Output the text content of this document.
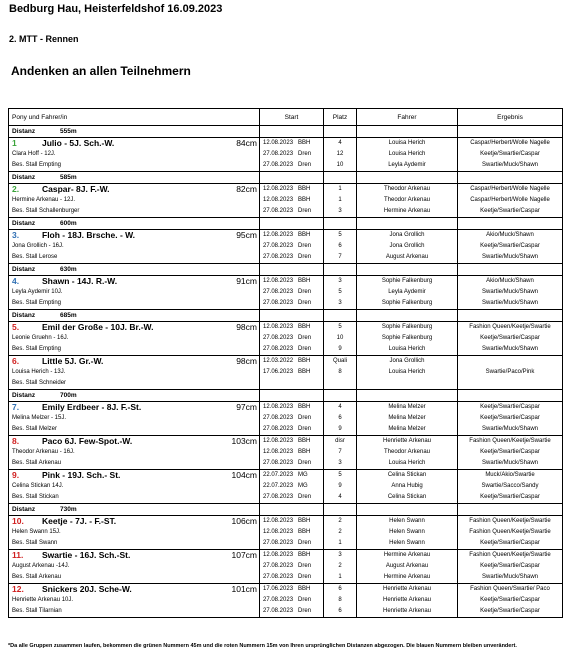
Bedburg Hau, Heisterfeldshof 16.09.2023
2. MTT - Rennen
Andenken an allen Teilnehmern
Pony und Fahrer/in	Start	Platz	Fahrer	Ergebnis
Distanz 555m				
1 Julio - 5J. Sch.-W. 84cm	12.08.2023 BBH	4	Louisa Herich	Caspar/Herbert/Wolle Nagelle
Clara Hoff - 12J.	27.08.2023 Dren	12	Louisa Herich	Keetje/Swartie/Caspar
Bes. Stall Empting	27.08.2023 Dren	10	Leyla Aydemir	Swartie/Muck/Shawn
Distanz 585m				
2. Caspar- 8J. F.-W. 82cm	12.08.2023 BBH	1	Theodor Arkenau	Caspar/Herbert/Wolle Nagelle
Hermine Arkenau - 12J.	12.08.2023 BBH	1	Theodor Arkenau	Caspar/Herbert/Wolle Nagelle
Bes. Stall Schallenburger	27.08.2023 Dren	3	Hermine Arkenau	Keetje/Swartie/Caspar
Distanz 600m				
3. Floh - 18J. Brsche. - W. 95cm	12.08.2023 BBH	5	Jona Grollich	Akio/Muck/Shawn
Jona Grollich - 16J.	27.08.2023 Dren	6	Jona Grollich	Keetje/Swartie/Caspar
Bes. Stall Lerose	27.08.2023 Dren	7	August Arkenau	Swartie/Muck/Shawn
Distanz 630m				
4. Shawn - 14J. R.-W. 91cm	12.08.2023 BBH	3	Sophie Falkenburg	Akio/Muck/Shawn
Leyla Aydemir 10J.	27.08.2023 Dren	5	Leyla Aydemir	Swartie/Muck/Shawn
Bes. Stall Empting	27.08.2023 Dren	3	Sophie Falkenburg	Swartie/Muck/Shawn
Distanz 685m				
5. Emil der Große - 10J. Br.-W. 98cm	12.08.2023 BBH	5	Sophie Falkenburg	Fashion Queen/Keetje/Swartie
Leonie Gruehn - 16J.	27.08.2023 Dren	10	Sophie Falkenburg	Keetje/Swartie/Caspar
Bes. Stall Empting	27.08.2023 Dren	9	Louisa Herich	Swartie/Muck/Shawn
6. Little 5J. Gr.-W. 98cm	12.03.2022 BBH	Quali	Jona Grollich	
Louisa Herich - 13J.	17.06.2023 BBH	8	Louisa Herich	Swartie/Paco/Pink
Bes. Stall Schneider				
Distanz 700m				
7. Emily Erdbeer - 8J. F.-St. 97cm	12.08.2023 BBH	4	Melina Melzer	Keetje/Swartie/Caspar
Melina Melzer - 15J.	27.08.2023 Dren	6	Melina Melzer	Keetje/Swartie/Caspar
Bes. Stall Melzer	27.08.2023 Dren	9	Melina Melzer	Swartie/Muck/Shawn
8. Paco 6J. Few-Spot.-W. 103cm	12.08.2023 BBH	disr	Henriette Arkenau	Fashion Queen/Keetje/Swartie
Theodor Arkenau - 16J.	12.08.2023 BBH	7	Theodor Arkenau	Keetje/Swartie/Caspar
Bes. Stall Arkenau	27.08.2023 Dren	3	Louisa Herich	Swartie/Muck/Shawn
9. Pink - 19J. Sch.- St. 104cm	22.07.2023 MG	5	Celina Stickan	Muck/Akio/Swartie
Celina Stickan 14J.	22.07.2023 MG	9	Anna Hubig	Swartie/Sacco/Sandy
Bes. Stall Stickan	27.08.2023 Dren	4	Celina Stickan	Keetje/Swartie/Caspar
Distanz 730m				
10. Keetje - 7J. - F.-ST. 106cm	12.08.2023 BBH	2	Helen Swann	Fashion Queen/Keetje/Swartie
Helen Swann 15J.	12.08.2023 BBH	2	Helen Swann	Fashion Queen/Keetje/Swartie
Bes. Stall Swann	27.08.2023 Dren	1	Helen Swann	Keetje/Swartie/Caspar
11. Swartie - 16J. Sch.-St. 107cm	12.08.2023 BBH	3	Hermine Arkenau	Fashion Queen/Keetje/Swartie
August Arkenau -14J.	27.08.2023 Dren	2	August Arkenau	Keetje/Swartie/Caspar
Bes. Stall Arkenau	27.08.2023 Dren	1	Hermine Arkenau	Swartie/Muck/Shawn
12. Snickers 20J. Sche-W. 101cm	17.06.2023 BBH	6	Henriette Arkenau	Fashion Queen/Swartie/ Paco
Henriette Arkenau 10J.	27.08.2023 Dren	8	Henriette Arkenau	Keetje/Swartie/Caspar
Bes. Stall Tilarnian	27.08.2023 Dren	6	Henriette Arkenau	Keetje/Swartie/Caspar
*Da alle Gruppen zusammen laufen, bekommen die grünen Nummern 45m und die roten Nummern 15m von Ihren ursprünglichen Distanzen abgezogen. Die blauen Nummern bleiben unverändert.
